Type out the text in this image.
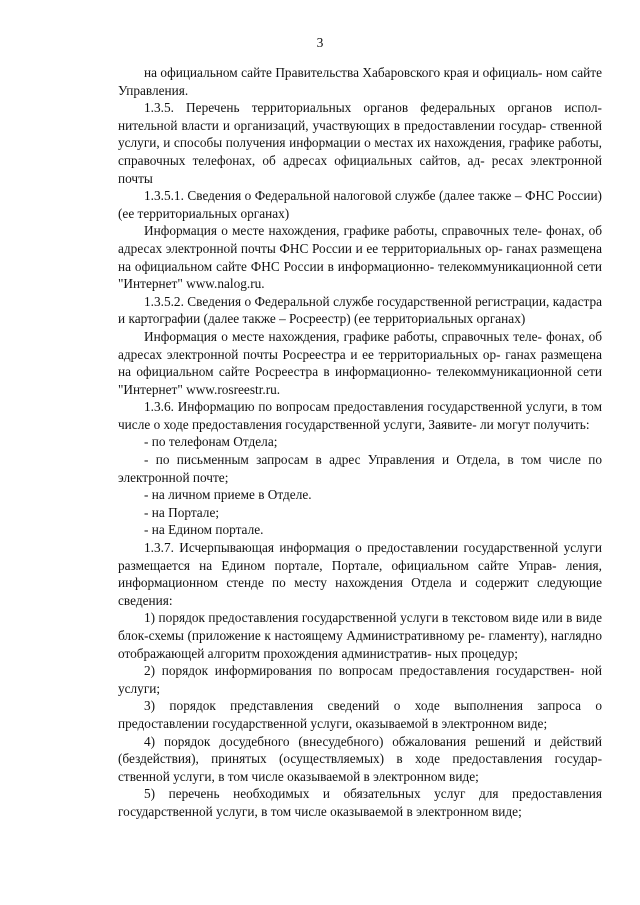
3

на официальном сайте Правительства Хабаровского края и официаль- ном сайте Управления.

1.3.5. Перечень территориальных органов федеральных органов испол- нительной власти и организаций, участвующих в предоставлении государ- ственной услуги, и способы получения информации о местах их нахождения, графике работы, справочных телефонах, об адресах официальных сайтов, ад- ресах электронной почты

1.3.5.1. Сведения о Федеральной налоговой службе (далее также – ФНС России) (ее территориальных органах)

Информация о месте нахождения, графике работы, справочных теле- фонах, об адресах электронной почты ФНС России и ее территориальных ор- ганах размещена на официальном сайте ФНС России в информационно- телекоммуникационной сети "Интернет" www.nalog.ru.

1.3.5.2. Сведения о Федеральной службе государственной регистрации, кадастра и картографии (далее также – Росреестр) (ее территориальных органах)

Информация о месте нахождения, графике работы, справочных теле- фонах, об адресах электронной почты Росреестра и ее территориальных ор- ганах размещена на официальном сайте Росреестра в информационно- телекоммуникационной сети "Интернет" www.rosreestr.ru.

1.3.6. Информацию по вопросам предоставления государственной услуги, в том числе о ходе предоставления государственной услуги, Заявите- ли могут получить:

- по телефонам Отдела;

- по письменным запросам в адрес Управления и Отдела, в том числе по электронной почте;

- на личном приеме в Отделе.

- на Портале;

- на Едином портале.

1.3.7. Исчерпывающая информация о предоставлении государственной услуги размещается на Едином портале, Портале, официальном сайте Управ- ления, информационном стенде по месту нахождения Отдела и содержит следующие сведения:

1) порядок предоставления государственной услуги в текстовом виде или в виде блок-схемы (приложение к настоящему Административному ре- гламенту), наглядно отображающей алгоритм прохождения административ- ных процедур;

2) порядок информирования по вопросам предоставления государствен- ной услуги;

3) порядок представления сведений о ходе выполнения запроса о предоставлении государственной услуги, оказываемой в электронном виде;

4) порядок досудебного (внесудебного) обжалования решений и действий (бездействия), принятых (осуществляемых) в ходе предоставления государ- ственной услуги, в том числе оказываемой в электронном виде;

5) перечень необходимых и обязательных услуг для предоставления государственной услуги, в том числе оказываемой в электронном виде;
